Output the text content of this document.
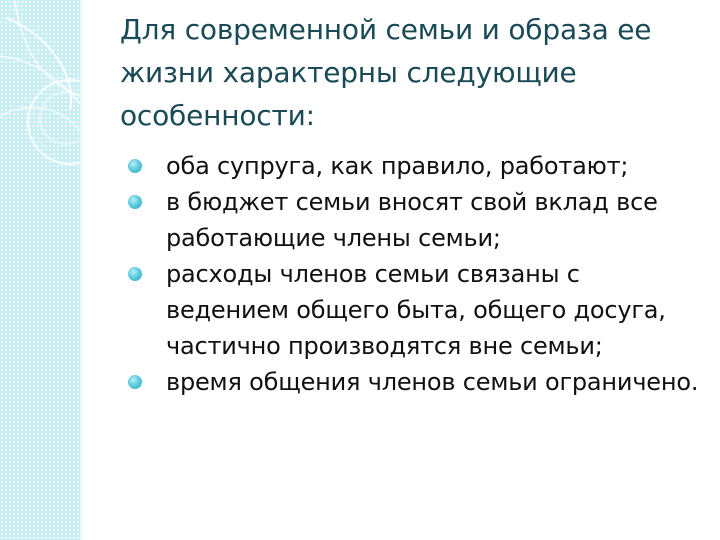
Для современной семьи и образа ее жизни характерны следующие особенности:
оба супруга, как правило, работают;
в бюджет семьи вносят свой вклад все работающие члены семьи;
расходы членов семьи связаны с ведением общего быта, общего досуга, частично производятся вне семьи;
время общения членов семьи ограничено.
